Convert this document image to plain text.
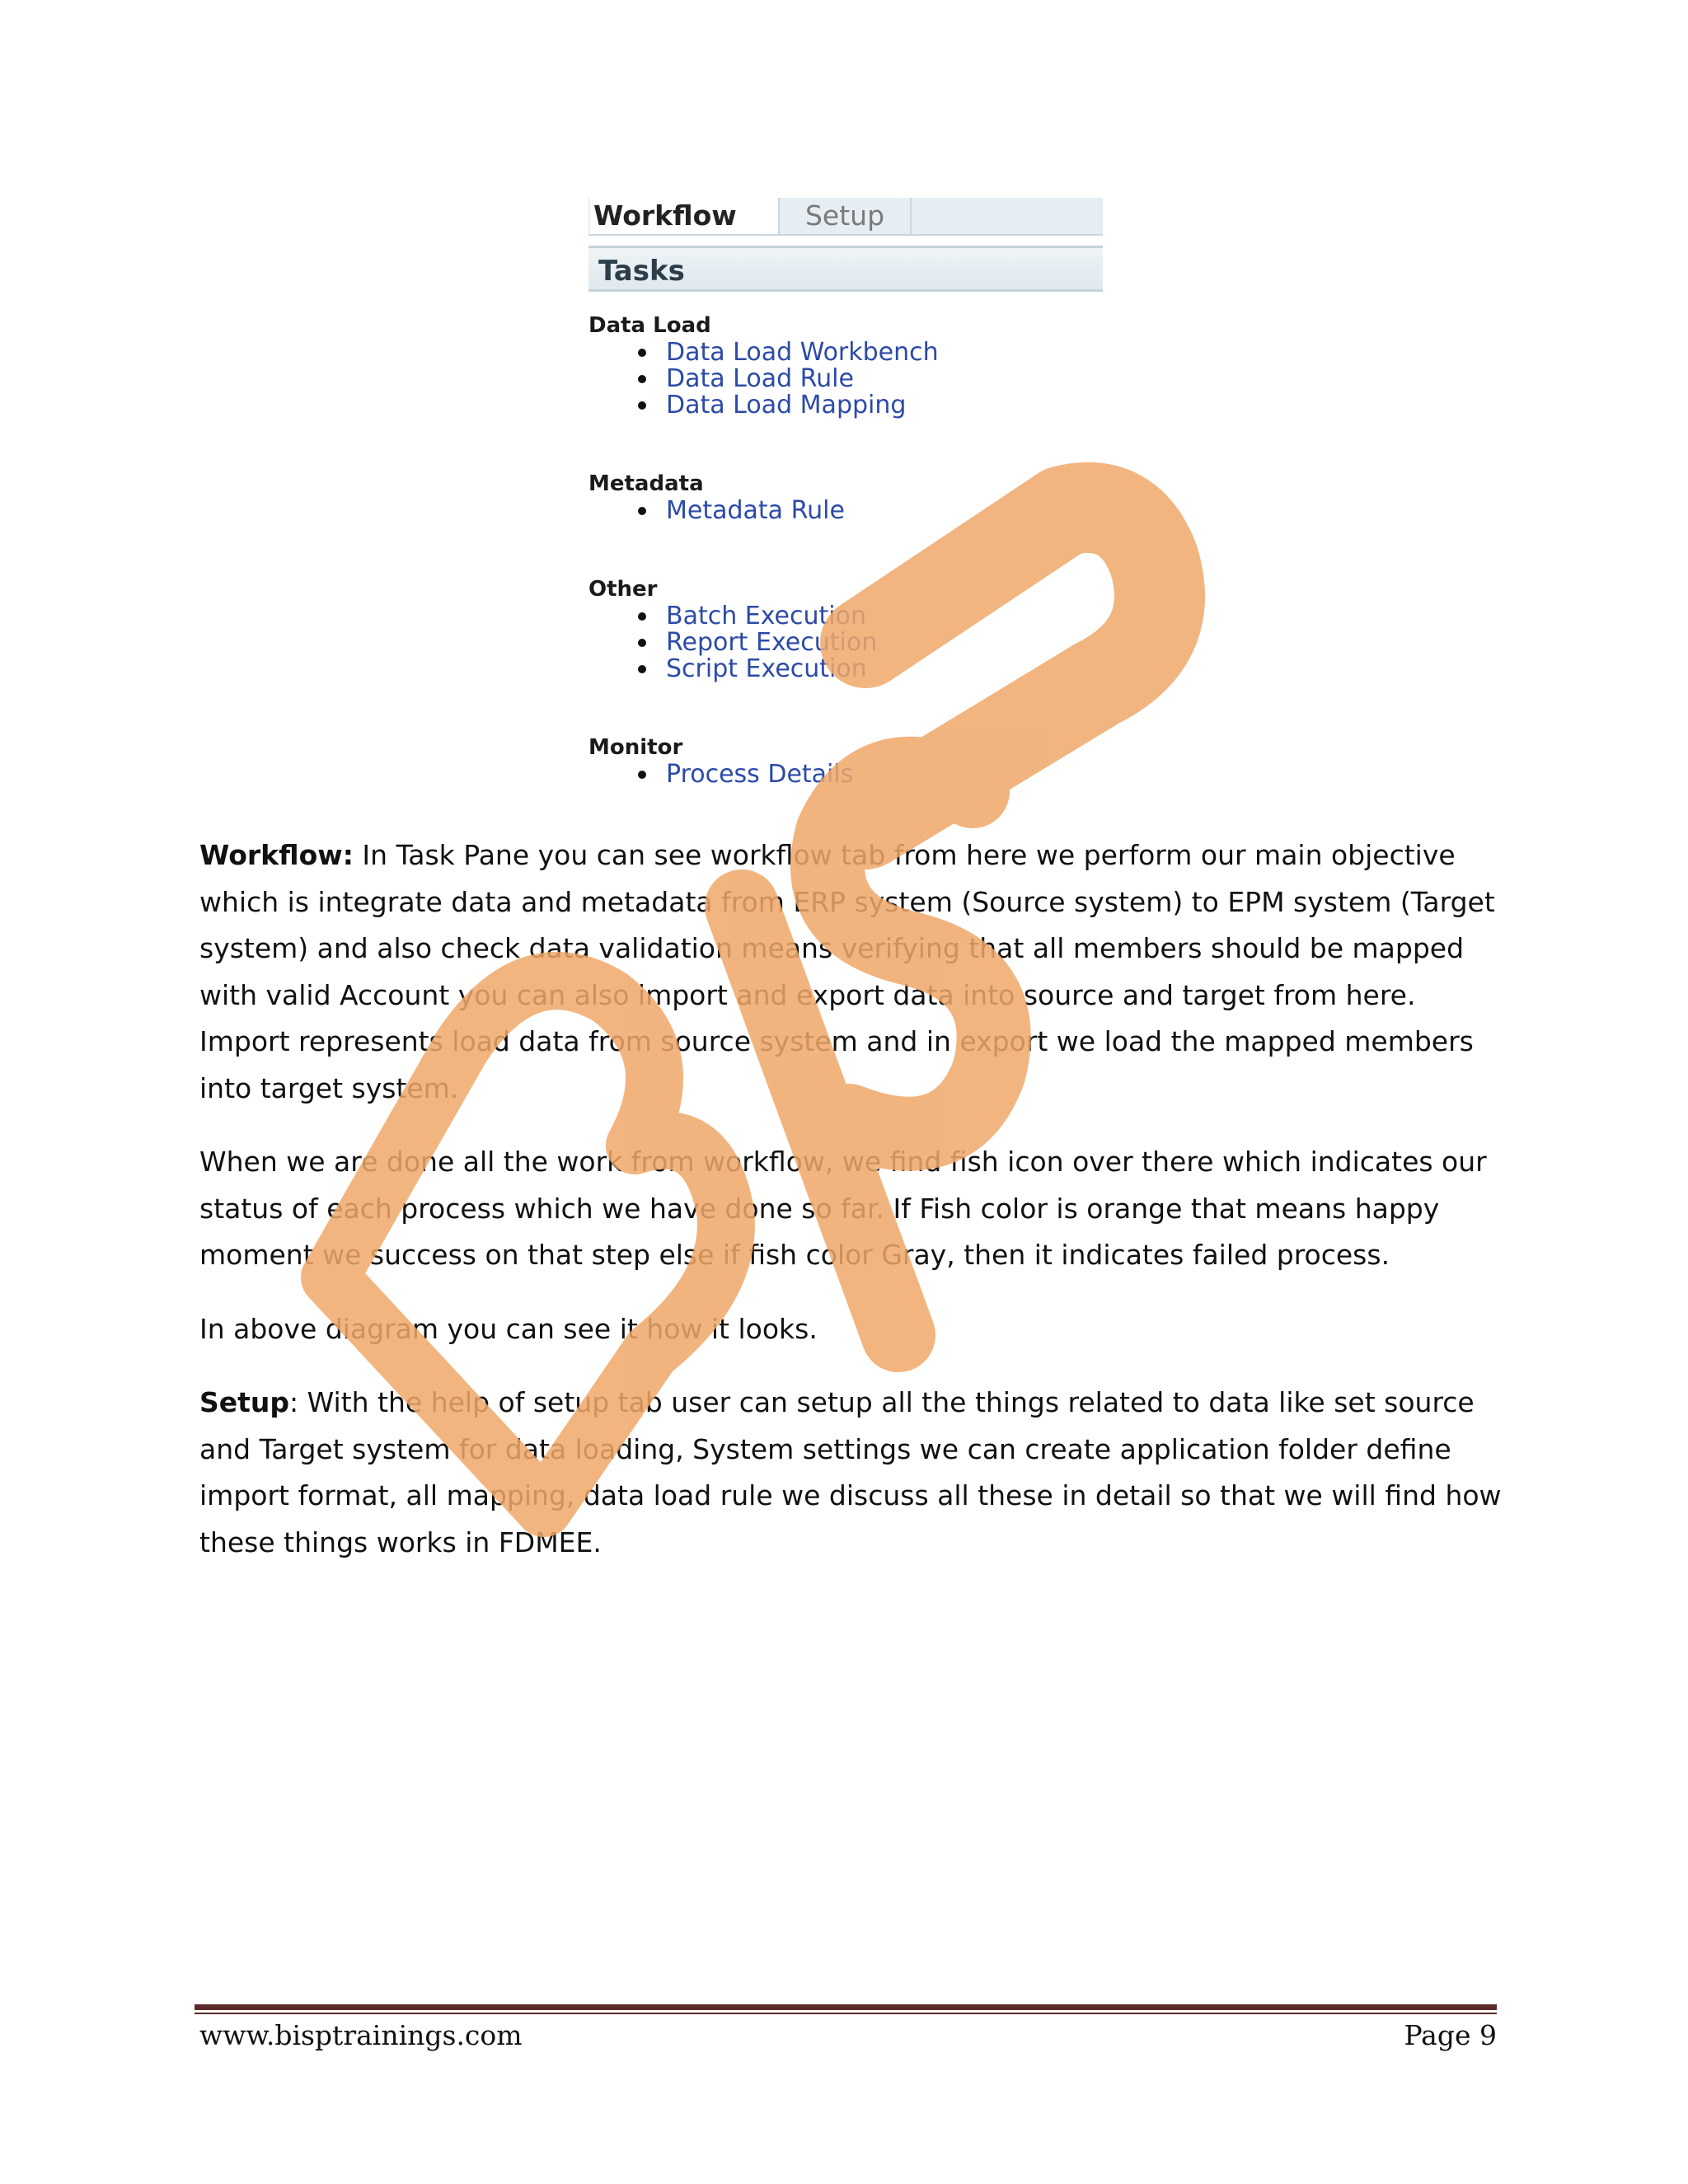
Workflow	Setup
Tasks
Data Load
Data Load Workbench
Data Load Rule
Data Load Mapping
Metadata
Metadata Rule
Other
Batch Execution
Report Execution
Script Execution
Monitor
Process Details

Workflow: In Task Pane you can see workflow tab from here we perform our main objective which is integrate data and metadata from ERP system (Source system) to EPM system (Target system) and also check data validation means verifying that all members should be mapped with valid Account you can also import and export data into source and target from here. Import represents load data from source system and in export we load the mapped members into target system.

When we are done all the work from workflow, we find fish icon over there which indicates our status of each process which we have done so far. If Fish color is orange that means happy moment we success on that step else if fish color Gray, then it indicates failed process.

In above diagram you can see it how it looks.

Setup: With the help of setup tab user can setup all the things related to data like set source and Target system for data loading, System settings we can create application folder define import format, all mapping, data load rule we discuss all these in detail so that we will find how these things works in FDMEE.

www.bisptrainings.com	Page 9
